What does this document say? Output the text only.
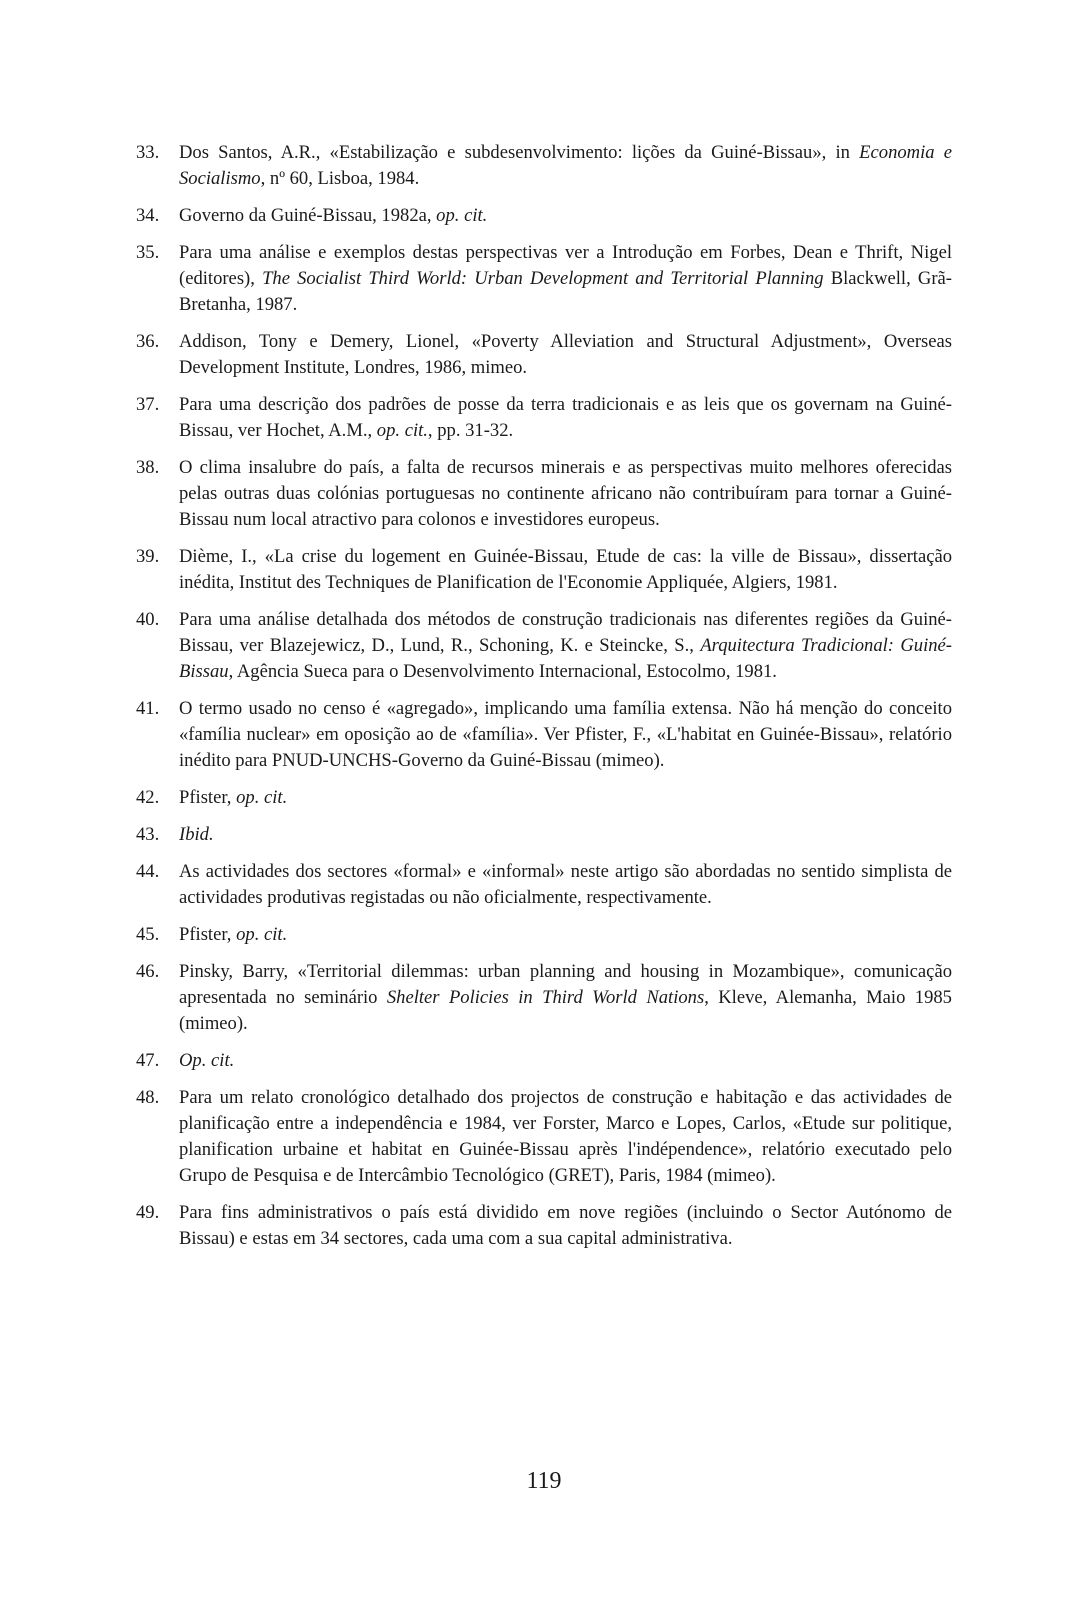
33.	Dos Santos, A.R., «Estabilização e subdesenvolvimento: lições da Guiné-Bissau», in Economia e Socialismo, nº 60, Lisboa, 1984.
34.	Governo da Guiné-Bissau, 1982a, op. cit.
35.	Para uma análise e exemplos destas perspectivas ver a Introdução em Forbes, Dean e Thrift, Nigel (editores), The Socialist Third World: Urban Development and Territorial Planning Blackwell, Grã-Bretanha, 1987.
36.	Addison, Tony e Demery, Lionel, «Poverty Alleviation and Structural Adjustment», Overseas Development Institute, Londres, 1986, mimeo.
37.	Para uma descrição dos padrões de posse da terra tradicionais e as leis que os governam na Guiné-Bissau, ver Hochet, A.M., op. cit., pp. 31-32.
38.	O clima insalubre do país, a falta de recursos minerais e as perspectivas muito melhores oferecidas pelas outras duas colónias portuguesas no continente africano não contribuíram para tornar a Guiné-Bissau num local atractivo para colonos e investidores europeus.
39.	Dième, I., «La crise du logement en Guinée-Bissau, Etude de cas: la ville de Bissau», dissertação inédita, Institut des Techniques de Planification de l'Economie Appliquée, Algiers, 1981.
40.	Para uma análise detalhada dos métodos de construção tradicionais nas diferentes regiões da Guiné-Bissau, ver Blazejewicz, D., Lund, R., Schoning, K. e Steincke, S., Arquitectura Tradicional: Guiné-Bissau, Agência Sueca para o Desenvolvimento Internacional, Estocolmo, 1981.
41.	O termo usado no censo é «agregado», implicando uma família extensa. Não há menção do conceito «família nuclear» em oposição ao de «família». Ver Pfister, F., «L'habitat en Guinée-Bissau», relatório inédito para PNUD-UNCHS-Governo da Guiné-Bissau (mimeo).
42.	Pfister, op. cit.
43.	Ibid.
44.	As actividades dos sectores «formal» e «informal» neste artigo são abordadas no sentido simplista de actividades produtivas registadas ou não oficialmente, respectivamente.
45.	Pfister, op. cit.
46.	Pinsky, Barry, «Territorial dilemmas: urban planning and housing in Mozambique», comunicação apresentada no seminário Shelter Policies in Third World Nations, Kleve, Alemanha, Maio 1985 (mimeo).
47.	Op. cit.
48.	Para um relato cronológico detalhado dos projectos de construção e habitação e das actividades de planificação entre a independência e 1984, ver Forster, Marco e Lopes, Carlos, «Etude sur politique, planification urbaine et habitat en Guinée-Bissau après l'indépendence», relatório executado pelo Grupo de Pesquisa e de Intercâmbio Tecnológico (GRET), Paris, 1984 (mimeo).
49.	Para fins administrativos o país está dividido em nove regiões (incluindo o Sector Autónomo de Bissau) e estas em 34 sectores, cada uma com a sua capital administrativa.
119
